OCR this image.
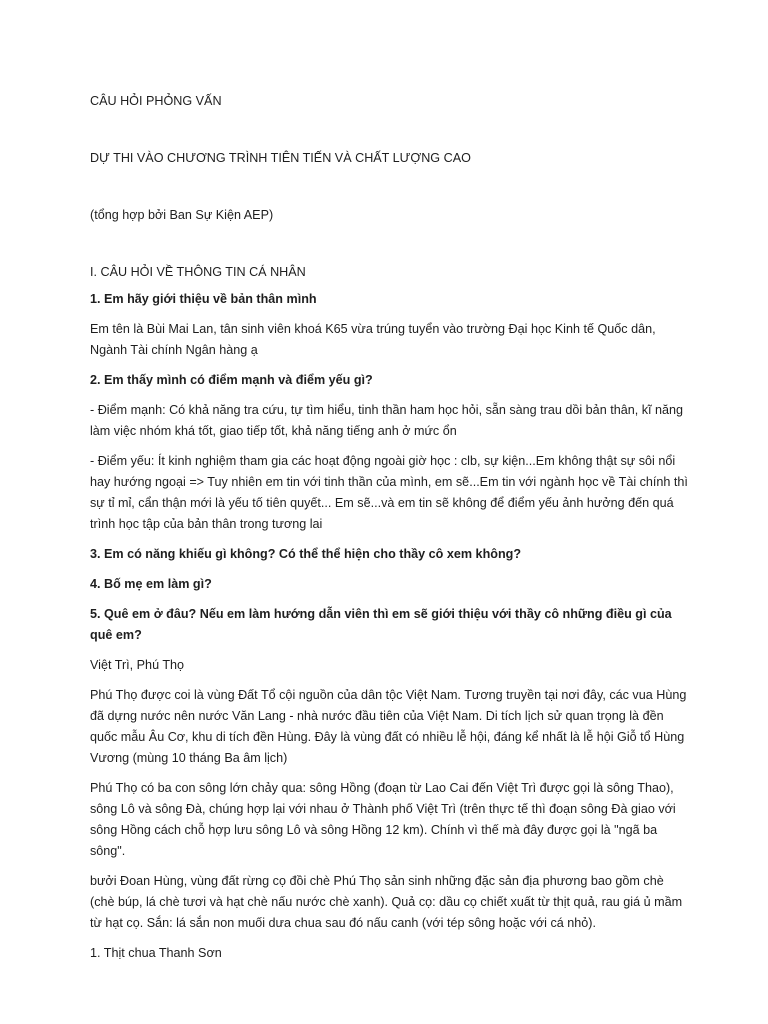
CÂU HỎI PHỎNG VẤN

DỰ THI VÀO CHƯƠNG TRÌNH TIÊN TIẾN VÀ CHẤT LƯỢNG CAO

(tổng hợp bởi Ban Sự Kiện AEP)

I. CÂU HỎI VỀ THÔNG TIN CÁ NHÂN

1. Em hãy giới thiệu về bản thân mình

Em tên là Bùi Mai Lan, tân sinh viên khoá K65 vừa trúng tuyển vào trường Đại học Kinh tế Quốc dân, Ngành Tài chính Ngân hàng ạ

2. Em thấy mình có điểm mạnh và điểm yếu gì?

- Điểm mạnh: Có khả năng tra cứu, tự tìm hiểu, tinh thần ham học hỏi, sẵn sàng trau dồi bản thân, kĩ năng làm việc nhóm khá tốt, giao tiếp tốt, khả năng tiếng anh ở mức ổn

- Điểm yếu: Ít kinh nghiệm tham gia các hoạt động ngoài giờ học : clb, sự kiện...Em không thật sự sôi nổi hay hướng ngoại => Tuy nhiên em tin với tinh thần của mình, em sẽ...Em tin với ngành học về Tài chính thì sự tỉ mỉ, cẩn thận mới là yếu tố tiên quyết... Em sẽ...và em tin sẽ không để điểm yếu ảnh hưởng đến quá trình học tập của bản thân trong tương lai

3. Em có năng khiếu gì không? Có thể thể hiện cho thầy cô xem không?

4. Bố mẹ em làm gì?

5. Quê em ở đâu? Nếu em làm hướng dẫn viên thì em sẽ giới thiệu với thầy cô những điều gì của quê em?

Việt Trì, Phú Thọ

Phú Thọ được coi là vùng Đất Tổ cội nguồn của dân tộc Việt Nam. Tương truyền tại nơi đây, các vua Hùng đã dựng nước nên nước Văn Lang - nhà nước đầu tiên của Việt Nam. Di tích lịch sử quan trọng là đền quốc mẫu Âu Cơ, khu di tích đền Hùng. Đây là vùng đất có nhiều lễ hội, đáng kể nhất là lễ hội Giỗ tổ Hùng Vương (mùng 10 tháng Ba âm lịch)

Phú Thọ có ba con sông lớn chảy qua: sông Hồng (đoạn từ Lao Cai đến Việt Trì được gọi là sông Thao), sông Lô và sông Đà, chúng hợp lại với nhau ở Thành phố Việt Trì (trên thực tế thì đoạn sông Đà giao với sông Hồng cách chỗ hợp lưu sông Lô và sông Hồng 12 km). Chính vì thế mà đây được gọi là "ngã ba sông".

bưởi Đoan Hùng, vùng đất rừng cọ đồi chè Phú Thọ sản sinh những đặc sản địa phương bao gồm chè (chè búp, lá chè tươi và hạt chè nấu nước chè xanh). Quả cọ: dầu cọ chiết xuất từ thịt quả, rau giá ủ mầm từ hạt cọ. Sắn: lá sắn non muối dưa chua sau đó nấu canh (với tép sông hoặc với cá nhỏ).

1. Thịt chua Thanh Sơn
